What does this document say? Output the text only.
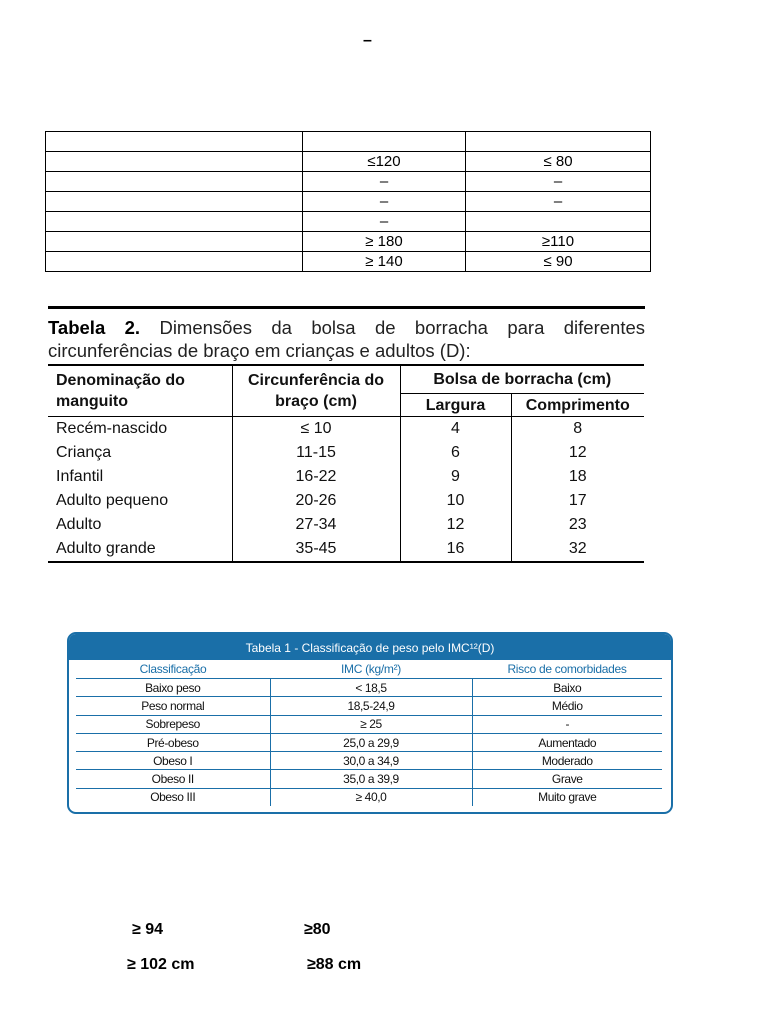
–

	≤120	≤ 80
	–	–
	–	–
	–	
	≥ 180	≥110
	≥ 140	≤ 90
Tabela 2. Dimensões da bolsa de borracha para diferentes circunferências de braço em crianças e adultos (D):
Denominação do manguito	Circunferência do braço (cm)	Bolsa de borracha (cm)	
		Largura	Comprimento
Recém-nascido	≤ 10	4	8
Criança	11-15	6	12
Infantil	16-22	9	18
Adulto pequeno	20-26	10	17
Adulto	27-34	12	23
Adulto grande	35-45	16	32
Tabela 1 - Classificação de peso pelo IMC¹²(D)
Classificação	IMC (kg/m²)	Risco de comorbidades
Baixo peso	< 18,5	Baixo
Peso normal	18,5-24,9	Médio
Sobrepeso	≥ 25	-
Pré-obeso	25,0 a 29,9	Aumentado
Obeso I	30,0 a 34,9	Moderado
Obeso II	35,0 a 39,9	Grave
Obeso III	≥ 40,0	Muito grave
≥ 94	≥80
≥ 102 cm	≥88 cm
